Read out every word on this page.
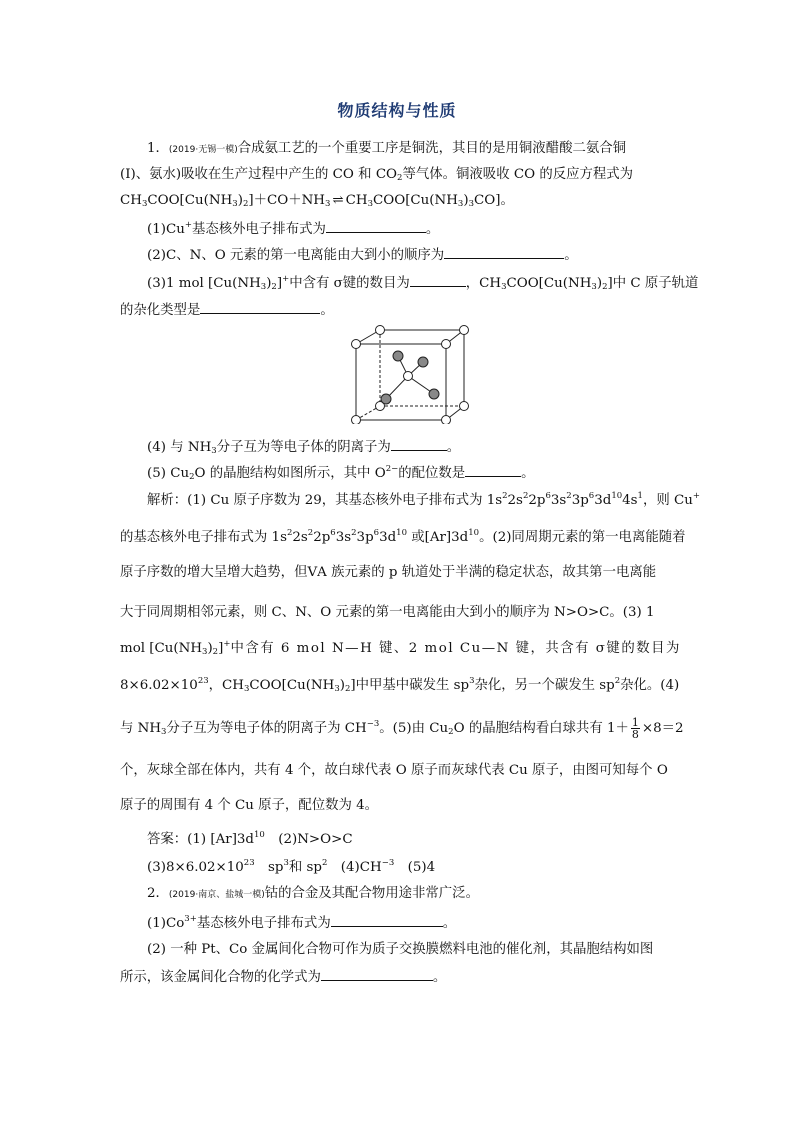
物质结构与性质
1．(2019·无锡一模)合成氨工艺的一个重要工序是铜洗，其目的是用铜液醋酸二氨合铜
(Ⅰ)、氨水)吸收在生产过程中产生的 CO 和 $CO_2$等气体。铜液吸收 CO 的反应方程式为
$CH_3COO[Cu(NH_3)_2]+CO+NH_3$ ⇌ $CH_3COO[Cu(NH_3)_3CO]$。
(1)Cu+基态核外电子排布式为	。
(2)C、N、O 元素的第一电离能由大到小的顺序为	。
(3)1 mol $[Cu(NH_3)_2]^+$中含有 σ键的数目为	，$CH_3COO[Cu(NH_3)_2]$中 C 原子轨道
的杂化类型是	。
(4) 与 $NH_3$分子互为等电子体的阴离子为	。
(5) $Cu_2O$ 的晶胞结构如图所示，其中 $O^{2-}$的配位数是	。
解析：(1) Cu 原子序数为 29，其基态核外电子排布式为 $1s^22s^22p^63s^23p^63d^{10}4s^1$，则 Cu+
的基态核外电子排布式为 $1s^22s^22p^63s^23p^63d^{10}$ 或$[Ar]3d^{10}$。(2)同周期元素的第一电离能随着
原子序数的增大呈增大趋势，但ⅤA 族元素的 p 轨道处于半满的稳定状态，故其第一电离能
大于同周期相邻元素，则 C、N、O 元素的第一电离能由大到小的顺序为 N>O>C。(3) 1
mol $[Cu(NH_3)_2]^+$中含有 6 mol N—H 键、2 mol Cu—N 键，共含有 σ键的数目为
$8\times 6.02\times 10^{23}$，$CH_3COO[Cu(NH_3)_2]$中甲基中碳发生 $sp^3$杂化，另一个碳发生 $sp^2$杂化。(4)
与 $NH_3$分子互为等电子体的阴离子为 $CH^{-3}$。(5)由 $Cu_2O$ 的晶胞结构看白球共有 $1+ \frac{1}{8} \times 8=2$
个，灰球全部在体内，共有 4 个，故白球代表 O 原子而灰球代表 Cu 原子，由图可知每个 O
原子的周围有 4 个 Cu 原子，配位数为 4。
答案：(1) $[Ar]3d^{10}$　(2)N>O>C
$(3)8\times 6.02\times 10^{23}$　$sp^3$和 $sp^2$　$(4)CH^{-3}$　(5)4
2．(2019·南京、盐城一模)钴的合金及其配合物用途非常广泛。
$(1)Co^{3+}$基态核外电子排布式为	。
(2) 一种 Pt、Co 金属间化合物可作为质子交换膜燃料电池的催化剂，其晶胞结构如图
所示，该金属间化合物的化学式为	。
